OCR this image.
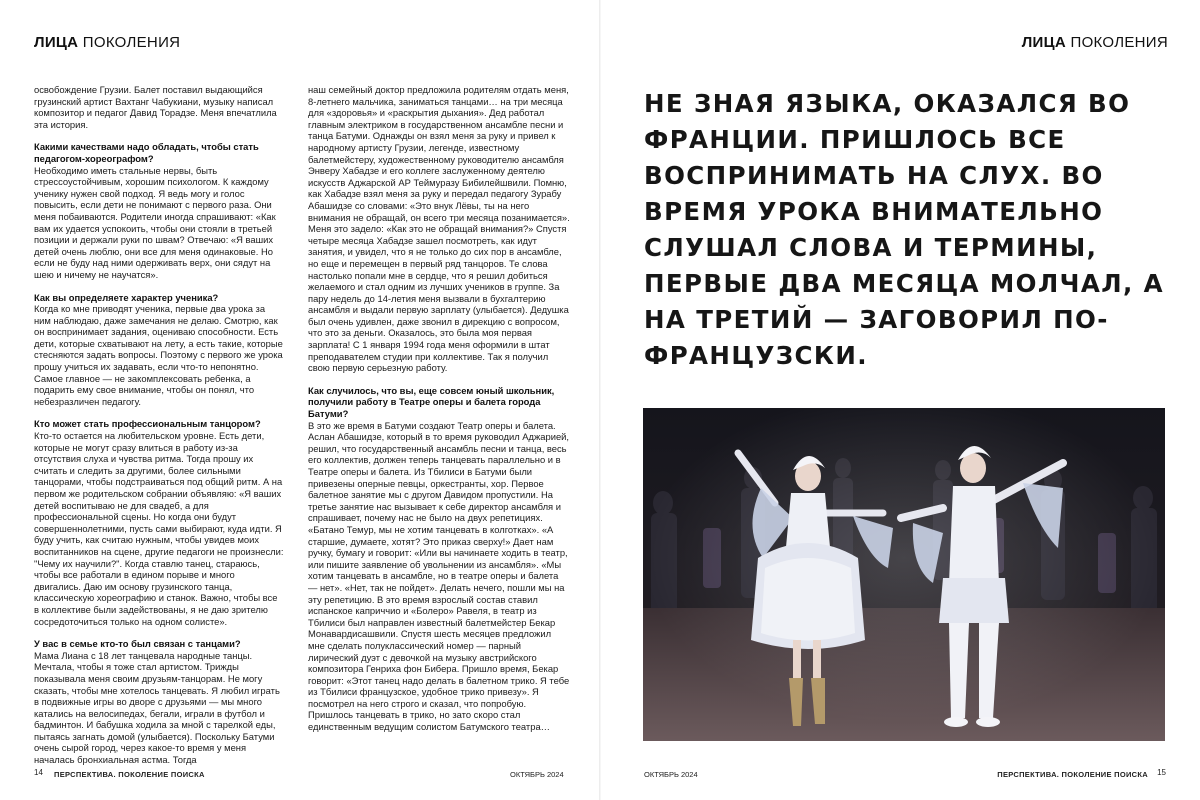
ЛИЦА ПОКОЛЕНИЯ

освобождение Грузии. Балет поставил выдающийся грузинский артист Вахтанг Чабукиани, музыку написал композитор и педагог Давид Торадзе. Меня впечатлила эта история.

Какими качествами надо обладать, чтобы стать педагогом-хореографом?

Необходимо иметь стальные нервы, быть стрессоустойчивым, хорошим психологом. К каждому ученику нужен свой подход. Я ведь могу и голос повысить, если дети не понимают с первого раза. Они меня побаиваются. Родители иногда спрашивают: «Как вам их удается успокоить, чтобы они стояли в третьей позиции и держали руки по швам? Отвечаю: «Я ваших детей очень люблю, они все для меня одинаковые. Но если не буду над ними одерживать верх, они сядут на шею и ничему не научатся».

Как вы определяете характер ученика?

Когда ко мне приводят ученика, первые два урока за ним наблюдаю, даже замечания не делаю. Смотрю, как он воспринимает задания, оцениваю способности. Есть дети, которые схватывают на лету, а есть такие, которые стесняются задать вопросы. Поэтому с первого же урока прошу учиться их задавать, если что-то непонятно. Самое главное — не закомплексовать ребенка, а подарить ему свое внимание, чтобы он понял, что небезразличен педагогу.

Кто может стать профессиональным танцором?

Кто-то остается на любительском уровне. Есть дети, которые не могут сразу влиться в работу из-за отсутствия слуха и чувства ритма. Тогда прошу их считать и следить за другими, более сильными танцорами, чтобы подстраиваться под общий ритм. А на первом же родительском собрании объявляю: «Я ваших детей воспитываю не для свадеб, а для профессиональной сцены. Но когда они будут совершеннолетними, пусть сами выбирают, куда идти. Я буду учить, как считаю нужным, чтобы увидев моих воспитанников на сцене, другие педагоги не произнесли: "Чему их научили?". Когда ставлю танец, стараюсь, чтобы все работали в едином порыве и много двигались. Даю им основу грузинского танца, классическую хореографию и станок. Важно, чтобы все в коллективе были задействованы, я не даю зрителю сосредоточиться только на одном солисте».

У вас в семье кто-то был связан с танцами?

Мама Лиана с 18 лет танцевала народные танцы. Мечтала, чтобы я тоже стал артистом. Трижды показывала меня своим друзьям-танцорам. Не могу сказать, чтобы мне хотелось танцевать. Я любил играть в подвижные игры во дворе с друзьями — мы много катались на велосипедах, бегали, играли в футбол и бадминтон. И бабушка ходила за мной с тарелкой еды, пытаясь загнать домой (улыбается). Поскольку Батуми очень сырой город, через какое-то время у меня началась бронхиальная астма. Тогда

наш семейный доктор предложила родителям отдать меня, 8-летнего мальчика, заниматься танцами… на три месяца для «здоровья» и «раскрытия дыхания». Дед работал главным электриком в государственном ансамбле песни и танца Батуми. Однажды он взял меня за руку и привел к народному артисту Грузии, легенде, известному балетмейстеру, художественному руководителю ансамбля Энверу Хабадзе и его коллеге заслуженному деятелю искусств Аджарской АР Теймуразу Бибилейшвили. Помню, как Хабадзе взял меня за руку и передал педагогу Зурабу Абашидзе со словами: «Это внук Лёвы, ты на него внимания не обращай, он всего три месяца позанимается». Меня это задело: «Как это не обращай внимания?» Спустя четыре месяца Хабадзе зашел посмотреть, как идут занятия, и увидел, что я не только до сих пор в ансамбле, но еще и перемещен в первый ряд танцоров. Те слова настолько попали мне в сердце, что я решил добиться желаемого и стал одним из лучших учеников в группе. За пару недель до 14-летия меня вызвали в бухгалтерию ансамбля и выдали первую зарплату (улыбается). Дедушка был очень удивлен, даже звонил в дирекцию с вопросом, что это за деньги. Оказалось, это была моя первая зарплата! С 1 января 1994 года меня оформили в штат преподавателем студии при коллективе. Так я получил свою первую серьезную работу.

Как случилось, что вы, еще совсем юный школьник, получили работу в Театре оперы и балета города Батуми?

В это же время в Батуми создают Театр оперы и балета. Аслан Абашидзе, который в то время руководил Аджарией, решил, что государственный ансамбль песни и танца, весь его коллектив, должен теперь танцевать параллельно и в Театре оперы и балета. Из Тбилиси в Батуми были привезены оперные певцы, оркестранты, хор. Первое балетное занятие мы с другом Давидом пропустили. На третье занятие нас вызывает к себе директор ансамбля и спрашивает, почему нас не было на двух репетициях. «Батано Темур, мы не хотим танцевать в колготках». «А старшие, думаете, хотят? Это приказ сверху!» Дает нам ручку, бумагу и говорит: «Или вы начинаете ходить в театр, или пишите заявление об увольнении из ансамбля». «Мы хотим танцевать в ансамбле, но в театре оперы и балета — нет». «Нет, так не пойдет». Делать нечего, пошли мы на эту репетицию. В это время взрослый состав ставил испанское каприччио и «Болеро» Равеля, в театр из Тбилиси был направлен известный балетмейстер Бекар Монавардисашвили. Спустя шесть месяцев предложил мне сделать полуклассический номер — парный лирический дуэт с девочкой на музыку австрийского композитора Генриха фон Бибера. Пришло время, Бекар говорит: «Этот танец надо делать в балетном трико. Я тебе из Тбилиси французское, удобное трико привезу». Я посмотрел на него строго и сказал, что попробую. Пришлось танцевать в трико, но зато скоро стал единственным ведущим солистом Батумского театра…

14 ПЕРСПЕКТИВА. ПОКОЛЕНИЕ ПОИСКА	ОКТЯБРЬ 2024
ЛИЦА ПОКОЛЕНИЯ
НЕ ЗНАЯ ЯЗЫКА, ОКАЗАЛСЯ ВО ФРАНЦИИ. ПРИШЛОСЬ ВСЕ ВОСПРИНИМАТЬ НА СЛУХ. ВО ВРЕМЯ УРОКА ВНИМАТЕЛЬНО СЛУШАЛ СЛОВА И ТЕРМИНЫ, ПЕРВЫЕ ДВА МЕСЯЦА МОЛЧАЛ, А НА ТРЕТИЙ — ЗАГОВОРИЛ ПО-ФРАНЦУЗСКИ.
ОКТЯБРЬ 2024	ПЕРСПЕКТИВА. ПОКОЛЕНИЕ ПОИСКА 15
